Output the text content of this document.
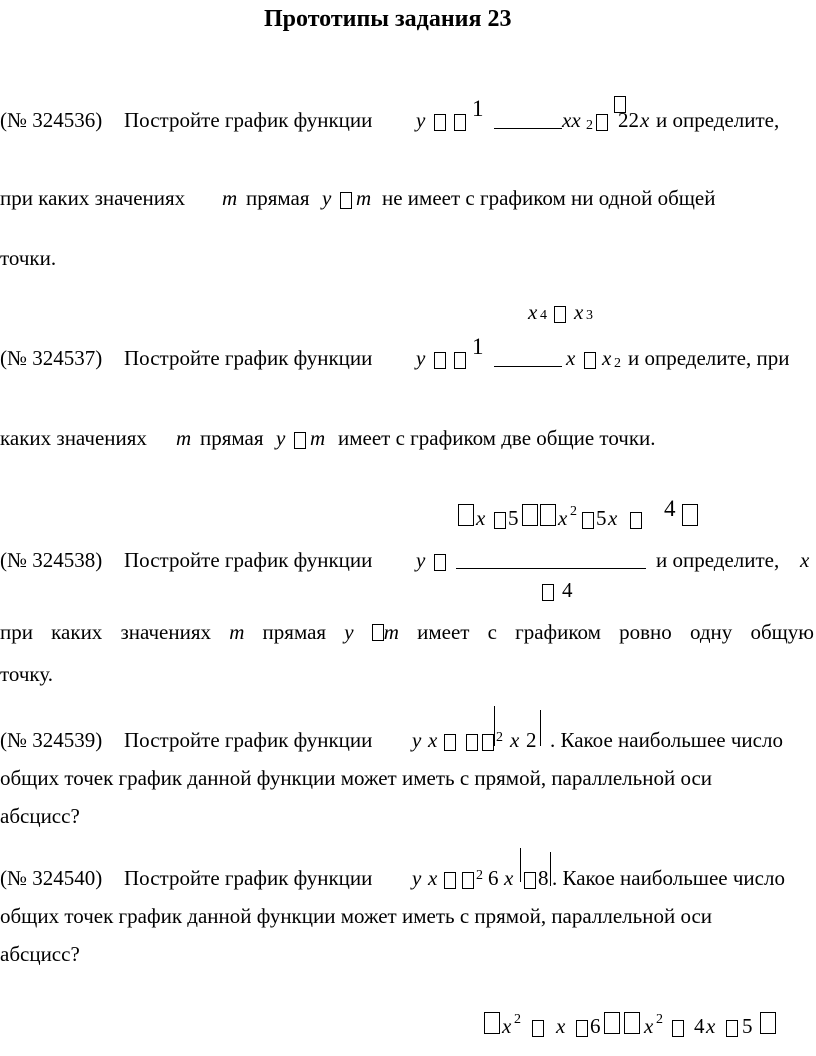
Прототипы задания 23
(№ 324536) Постройте график функции y 1	xx 2 22 x и определите,
при каких значениях m прямая y m не имеет с графиком ни одной общей
точки.
x 4 x 3
(№ 324537) Постройте график функции y 1	x x 2 и определите, при
каких значениях m прямая y m имеет с графиком две общие точки.
x 5 x 2 5 x 4
(№ 324538) Постройте график функции y	и определите, x
4
при каких значениях m прямая y	m имеет с графиком ровно одну общую
точку.
(№ 324539) Постройте график функции y x	2 x 2 . Какое наибольшее число
общих точек график данной функции может иметь с прямой, параллельной оси
абсцисс?
(№ 324540) Постройте график функции y x	2 6 x 8 . Какое наибольшее число
общих точек график данной функции может иметь с прямой, параллельной оси
абсцисс?
x 2 x 6 x 2 4 x 5
